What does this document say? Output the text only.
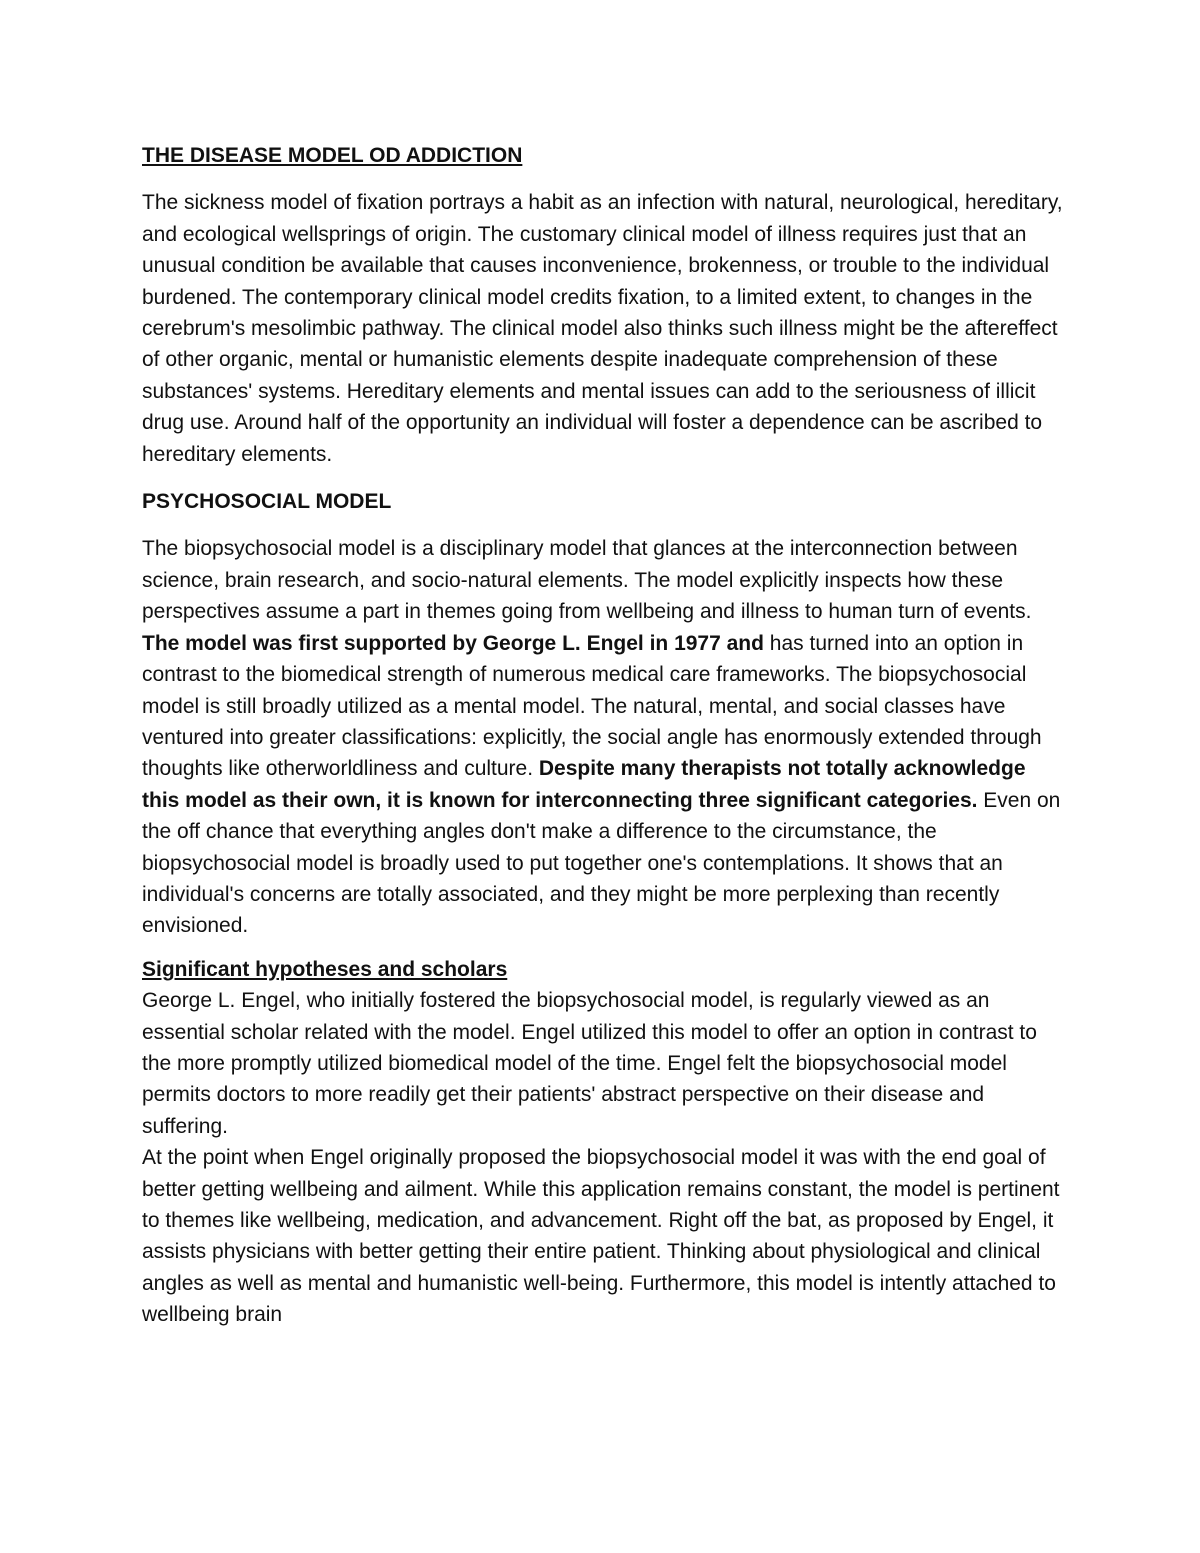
THE DISEASE MODEL OD ADDICTION

The sickness model of fixation portrays a habit as an infection with natural, neurological, hereditary, and ecological wellsprings of origin. The customary clinical model of illness requires just that an unusual condition be available that causes inconvenience, brokenness, or trouble to the individual burdened. The contemporary clinical model credits fixation, to a limited extent, to changes in the cerebrum's mesolimbic pathway. The clinical model also thinks such illness might be the aftereffect of other organic, mental or humanistic elements despite inadequate comprehension of these substances' systems. Hereditary elements and mental issues can add to the seriousness of illicit drug use. Around half of the opportunity an individual will foster a dependence can be ascribed to hereditary elements.

PSYCHOSOCIAL MODEL

The biopsychosocial model is a disciplinary model that glances at the interconnection between science, brain research, and socio-natural elements. The model explicitly inspects how these perspectives assume a part in themes going from wellbeing and illness to human turn of events. The model was first supported by George L. Engel in 1977 and has turned into an option in contrast to the biomedical strength of numerous medical care frameworks. The biopsychosocial model is still broadly utilized as a mental model. The natural, mental, and social classes have ventured into greater classifications: explicitly, the social angle has enormously extended through thoughts like otherworldliness and culture. Despite many therapists not totally acknowledge this model as their own, it is known for interconnecting three significant categories. Even on the off chance that everything angles don't make a difference to the circumstance, the biopsychosocial model is broadly used to put together one's contemplations. It shows that an individual's concerns are totally associated, and they might be more perplexing than recently envisioned.

Significant hypotheses and scholars

George L. Engel, who initially fostered the biopsychosocial model, is regularly viewed as an essential scholar related with the model. Engel utilized this model to offer an option in contrast to the more promptly utilized biomedical model of the time. Engel felt the biopsychosocial model permits doctors to more readily get their patients' abstract perspective on their disease and suffering.

At the point when Engel originally proposed the biopsychosocial model it was with the end goal of better getting wellbeing and ailment. While this application remains constant, the model is pertinent to themes like wellbeing, medication, and advancement. Right off the bat, as proposed by Engel, it assists physicians with better getting their entire patient. Thinking about physiological and clinical angles as well as mental and humanistic well-being. Furthermore, this model is intently attached to wellbeing brain
